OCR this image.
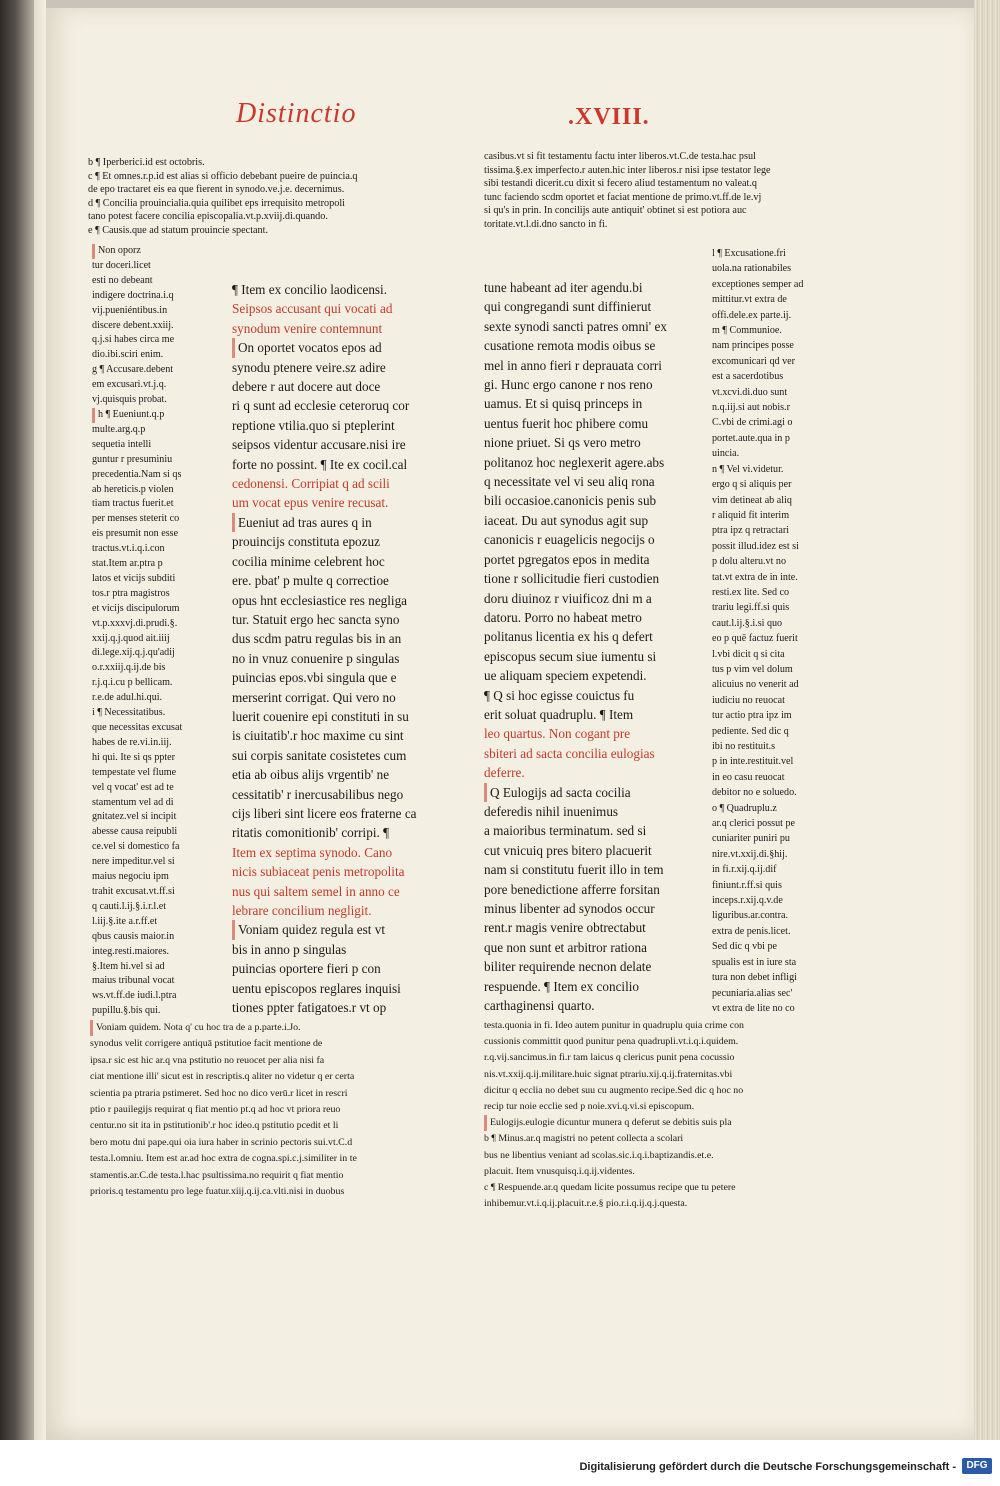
Distinctio	.XVIII.

b ¶ Iperberici.id est octobris.

c ¶ Et omnes.r.p.id est alias si officio debebant pueire de puincia.q

de epo tractaret eis ea que fierent in synodo.ve.j.e. decernimus.

d ¶ Concilia prouincialia.quia quilibet eps irrequisito metropoli

tano potest facere concilia episcopalia.vt.p.xviij.di.quando.

e ¶ Causis.que ad statum prouincie spectant.

casibus.vt si fit testamentu factu inter liberos.vt.C.de testa.hac psul

tissima.§.ex imperfecto.r auten.hic inter liberos.r nisi ipse testator lege

sibi testandi dicerit.cu dixit si fecero aliud testamentum no valeat.q

tunc faciendo scdm oportet et faciat mentione de primo.vt.ff.de le.vj

si qu's in prin. In concilijs aute antiquit' obtinet si est potiora auc

toritate.vt.l.di.dno sancto in fi.

Non oporz

tur doceri.licet

esti no debeant

indigere doctrina.i.q

vij.pueniéntibus.in

discere debent.xxiij.

q.j.si habes circa me

dio.ibi.sciri enim.

g ¶ Accusare.debent

em excusari.vt.j.q.

vj.quisquis probat.

h ¶ Eueniunt.q.p

multe.arg.q.p

sequetia intelli

guntur r presuminiu

precedentia.Nam si qs

ab hereticis.p violen

tiam tractus fuerit.et

per menses steterit co

eis presumit non esse

tractus.vt.i.q.i.con

stat.Item ar.ptra p

latos et vicijs subditi

tos.r ptra magistros

et vicijs discipulorum

vt.p.xxxvj.di.prudi.§.

xxij.q.j.quod ait.iiij

di.lege.xij.q.j.qu'adij

o.r.xxiij.q.ij.de bis

r.j.q.i.cu p bellicam.

r.e.de adul.hi.qui.

i ¶ Necessitatibus.

que necessitas excusat

habes de re.vi.in.iij.

hi qui. Ite si qs ppter

tempestate vel flume

vel q vocat' est ad te

stamentum vel ad di

gnitatez.vel si incipit

abesse causa reipubli

ce.vel si domestico fa

nere impeditur.vel si

maius negociu ipm

trahit excusat.vt.ff.si

q cauti.l.ij.§.i.r.l.et

l.iij.§.ite a.r.ff.et

qbus causis maior.in

integ.resti.maiores.

§.Item hi.vel si ad

maius tribunal vocat

ws.vt.ff.de iudi.l.ptra pupillu.§.bis qui.

¶ Item ex concilio laodicensi.

Seipsos accusant qui vocati ad

synodum venire contemnunt

On oportet vocatos epos ad

synodu ptenere veire.sz adire

debere r aut docere aut doce

ri q sunt ad ecclesie ceteroruq cor

reptione vtilia.quo si pteplerint

seipsos videntur accusare.nisi ire

forte no possint. ¶ Ite ex cocil.cal

cedonensi. Corripiat q ad scili

um vocat epus venire recusat.

Eueniut ad tras aures q in

prouincijs constituta epozuz

cocilia minime celebrent hoc

ere. pbat' p multe q correctioe

opus hnt ecclesiastice res negliga

tur. Statuit ergo hec sancta syno

dus scdm patru regulas bis in an

no in vnuz conuenire p singulas

puincias epos.vbi singula que e

merserint corrigat. Qui vero no

luerit couenire epi constituti in su

is ciuitatib'.r hoc maxime cu sint

sui corpis sanitate cosistetes cum

etia ab oibus alijs vrgentib' ne

cessitatib' r inercusabilibus nego

cijs liberi sint licere eos fraterne ca

ritatis comonitionib' corripi. ¶

Item ex septima synodo. Cano

nicis subiaceat penis metropolita

nus qui saltem semel in anno ce

lebrare concilium negligit.

Voniam quidez regula est vt

bis in anno p singulas

puincias oportere fieri p con

uentu episcopos reglares inquisi

tiones ppter fatigatoes.r vt op

tune habeant ad iter agendu.bi

qui congregandi sunt diffinierut

sexte synodi sancti patres omni' ex

cusatione remota modis oibus se

mel in anno fieri r deprauata corri

gi. Hunc ergo canone r nos reno

uamus. Et si quisq princeps in

uentus fuerit hoc phibere comu

nione priuet. Si qs vero metro

politanoz hoc neglexerit agere.abs

q necessitate vel vi seu aliq rona

bili occasioe.canonicis penis sub

iaceat. Du aut synodus agit sup

canonicis r euagelicis negocijs o

portet pgregatos epos in medita

tione r sollicitudie fieri custodien

doru diuinoz r viuificoz dni m a

datoru. Porro no habeat metro

politanus licentia ex his q defert

episcopus secum siue iumentu si

ue aliquam speciem expetendi.

¶ Q si hoc egisse couictus fu

erit soluat quadruplu. ¶ Item

leo quartus. Non cogant pre

sbiteri ad sacta concilia eulogias

deferre.

Q Eulogijs ad sacta cocilia

deferedis nihil inuenimus

a maioribus terminatum. sed si

cut vnicuiq pres bitero placuerit

nam si constitutu fuerit illo in tem

pore benedictione afferre forsitan

minus libenter ad synodos occur

rent.r magis venire obtrectabut

que non sunt et arbitror rationa

biliter requirende necnon delate

respuende. ¶ Item ex concilio

carthaginensi quarto.

l ¶ Excusatione.fri

uola.na rationabiles

exceptiones semper ad

mittitur.vt extra de

offi.dele.ex parte.ij.

m ¶ Communioe.

nam principes posse

excomunicari qd ver

est a sacerdotibus

vt.xcvi.di.duo sunt

n.q.iij.si aut nobis.r

C.vbi de crimi.agi o

portet.aute.qua in p

uincia.

n ¶ Vel vi.videtur.

ergo q si aliquis per

vim detineat ab aliq

r aliquid fit interim

ptra ipz q retractari

possit illud.idez est si

p dolu alteru.vt no

tat.vt extra de in inte.

resti.ex lite. Sed co

trariu legi.ff.si quis

caut.l.ij.§.i.si quo

eo p quē factuz fuerit

l.vbi dicit q si cita

tus p vim vel dolum

alicuius no venerit ad

iudiciu no reuocat

tur actio ptra ipz im

pediente. Sed dic q

ibi no restituit.s

p in inte.restituit.vel

in eo casu reuocat

debitor no e soluedo.

o ¶ Quadruplu.z

ar.q clerici possut pe

cuniariter puniri pu

nire.vt.xxij.di.§hij.

in fi.r.xij.q.ij.dif

finiunt.r.ff.si quis

inceps.r.xij.q.v.de

liguribus.ar.contra.

extra de penis.licet.

Sed dic q vbi pe

spualis est in iure sta

tura non debet infligi

pecuniaria.alias sec'

vt extra de lite no co

Voniam quidem. Nota q' cu hoc tra de a p.parte.i.Jo.

synodus velit corrigere antiquā pstitutioe facit mentione de

ipsa.r sic est hic ar.q vna pstitutio no reuocet per alia nisi fa

ciat mentione illi' sicut est in rescriptis.q aliter no videtur q er certa

scientia pa ptraria pstimeret. Sed hoc no dico verū.r licet in rescri

ptio r pauilegijs requirat q fiat mentio pt.q ad hoc vt priora reuo

centur.no sit ita in pstitutionib'.r hoc ideo.q pstitutio pcedit et li

bero motu dni pape.qui oia iura haber in scrinio pectoris sui.vt.C.d

testa.l.omniu. Item est ar.ad hoc extra de cogna.spi.c.j.similiter in te

stamentis.ar.C.de testa.l.hac psultissima.no requirit q fiat mentio

prioris.q testamentu pro lege fuatur.xiij.q.ij.ca.vlti.nisi in duobus

testa.quonia in fi. Ideo autem punitur in quadruplu quia crime con

cussionis committit quod punitur pena quadrupli.vt.i.q.i.quidem.

r.q.vij.sancimus.in fi.r tam laicus q clericus punit pena cocussio

nis.vt.xxij.q.ij.militare.huic signat ptrariu.xij.q.ij.fraternitas.vbi

dicitur q ecclia no debet suu cu augmento recipe.Sed dic q hoc no

recip tur noie ecclie sed p noie.xvi.q.vi.si episcopum.

Eulogijs.eulogie dicuntur munera q deferut se debitis suis pla

b ¶ Minus.ar.q magistri no petent collecta a scolari

bus ne libentius veniant ad scolas.sic.i.q.i.baptizandis.et.e.

placuit. Item vnusquisq.i.q.ij.videntes.

c ¶ Respuende.ar.q quedam licite possumus recipe que tu petere

inhibemur.vt.i.q.ij.placuit.r.e.§ pio.r.i.q.ij.q.j.questa.

Digitalisierung gefördert durch die Deutsche Forschungsgemeinschaft -	DFG
